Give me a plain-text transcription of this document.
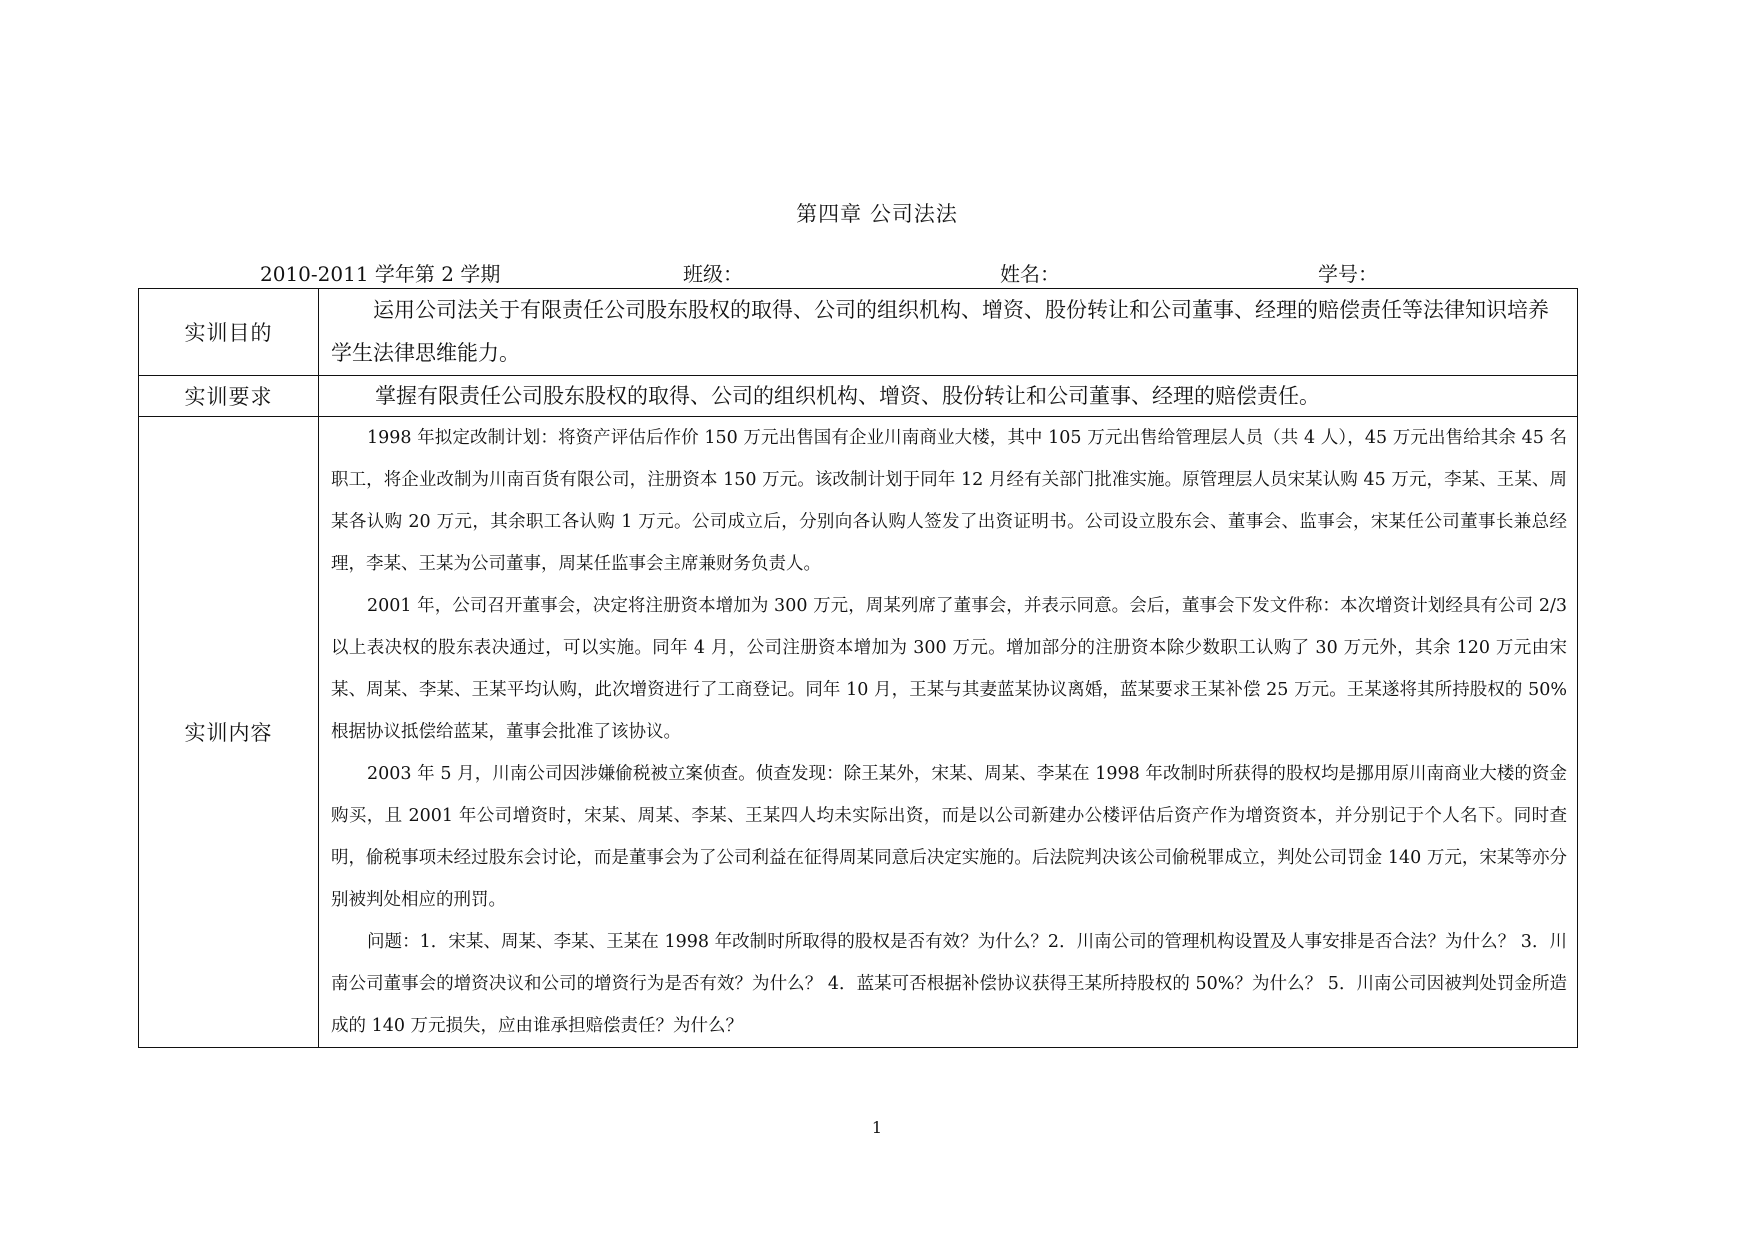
第四章 公司法法
2010-2011 学年第 2 学期	班级：	姓名：	学号：
实训目的	运用公司法关于有限责任公司股东股权的取得、公司的组织机构、增资、股份转让和公司董事、经理的赔偿责任等法律知识培养学生法律思维能力。
实训要求	掌握有限责任公司股东股权的取得、公司的组织机构、增资、股份转让和公司董事、经理的赔偿责任。
实训内容	1998 年拟定改制计划：将资产评估后作价 150 万元出售国有企业川南商业大楼，其中 105 万元出售给管理层人员（共 4 人），45 万元出售给其余 45 名职工，将企业改制为川南百货有限公司，注册资本 150 万元。该改制计划于同年 12 月经有关部门批准实施。原管理层人员宋某认购 45 万元，李某、王某、周某各认购 20 万元，其余职工各认购 1 万元。公司成立后，分别向各认购人签发了出资证明书。公司设立股东会、董事会、监事会，宋某任公司董事长兼总经理，李某、王某为公司董事，周某任监事会主席兼财务负责人。

2001 年，公司召开董事会，决定将注册资本增加为 300 万元，周某列席了董事会，并表示同意。会后，董事会下发文件称：本次增资计划经具有公司 2/3 以上表决权的股东表决通过，可以实施。同年 4 月，公司注册资本增加为 300 万元。增加部分的注册资本除少数职工认购了 30 万元外，其余 120 万元由宋某、周某、李某、王某平均认购，此次增资进行了工商登记。同年 10 月，王某与其妻蓝某协议离婚，蓝某要求王某补偿 25 万元。王某遂将其所持股权的 50%根据协议抵偿给蓝某，董事会批准了该协议。

2003 年 5 月，川南公司因涉嫌偷税被立案侦查。侦查发现：除王某外，宋某、周某、李某在 1998 年改制时所获得的股权均是挪用原川南商业大楼的资金购买，且 2001 年公司增资时，宋某、周某、李某、王某四人均未实际出资，而是以公司新建办公楼评估后资产作为增资资本，并分别记于个人名下。同时查明，偷税事项未经过股东会讨论，而是董事会为了公司利益在征得周某同意后决定实施的。后法院判决该公司偷税罪成立，判处公司罚金 140 万元，宋某等亦分别被判处相应的刑罚。

问题：1．宋某、周某、李某、王某在 1998 年改制时所取得的股权是否有效？为什么？2．川南公司的管理机构设置及人事安排是否合法？为什么？ 3．川南公司董事会的增资决议和公司的增资行为是否有效？为什么？ 4．蓝某可否根据补偿协议获得王某所持股权的 50%？为什么？ 5．川南公司因被判处罚金所造成的 140 万元损失，应由谁承担赔偿责任？为什么？

1
